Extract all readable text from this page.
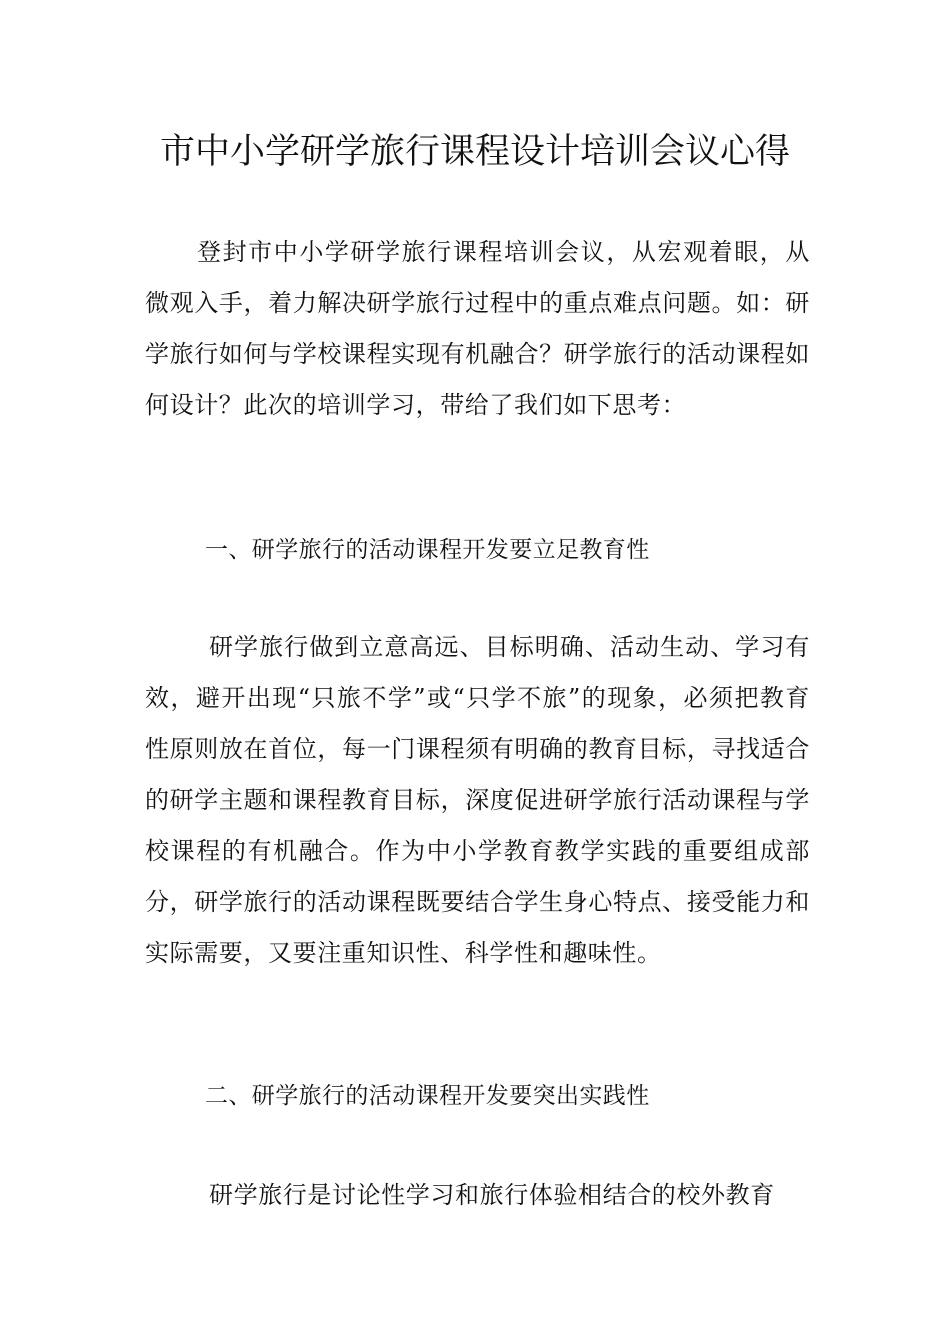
市中小学研学旅行课程设计培训会议心得

登封市中小学研学旅行课程培训会议，从宏观着眼，从微观入手，着力解决研学旅行过程中的重点难点问题。如：研学旅行如何与学校课程实现有机融合？研学旅行的活动课程如何设计？此次的培训学习，带给了我们如下思考：

一、研学旅行的活动课程开发要立足教育性

研学旅行做到立意高远、目标明确、活动生动、学习有效，避开出现“只旅不学”或“只学不旅”的现象，必须把教育性原则放在首位，每一门课程须有明确的教育目标，寻找适合的研学主题和课程教育目标，深度促进研学旅行活动课程与学校课程的有机融合。作为中小学教育教学实践的重要组成部分，研学旅行的活动课程既要结合学生身心特点、接受能力和实际需要，又要注重知识性、科学性和趣味性。

二、研学旅行的活动课程开发要突出实践性

研学旅行是讨论性学习和旅行体验相结合的校外教育
